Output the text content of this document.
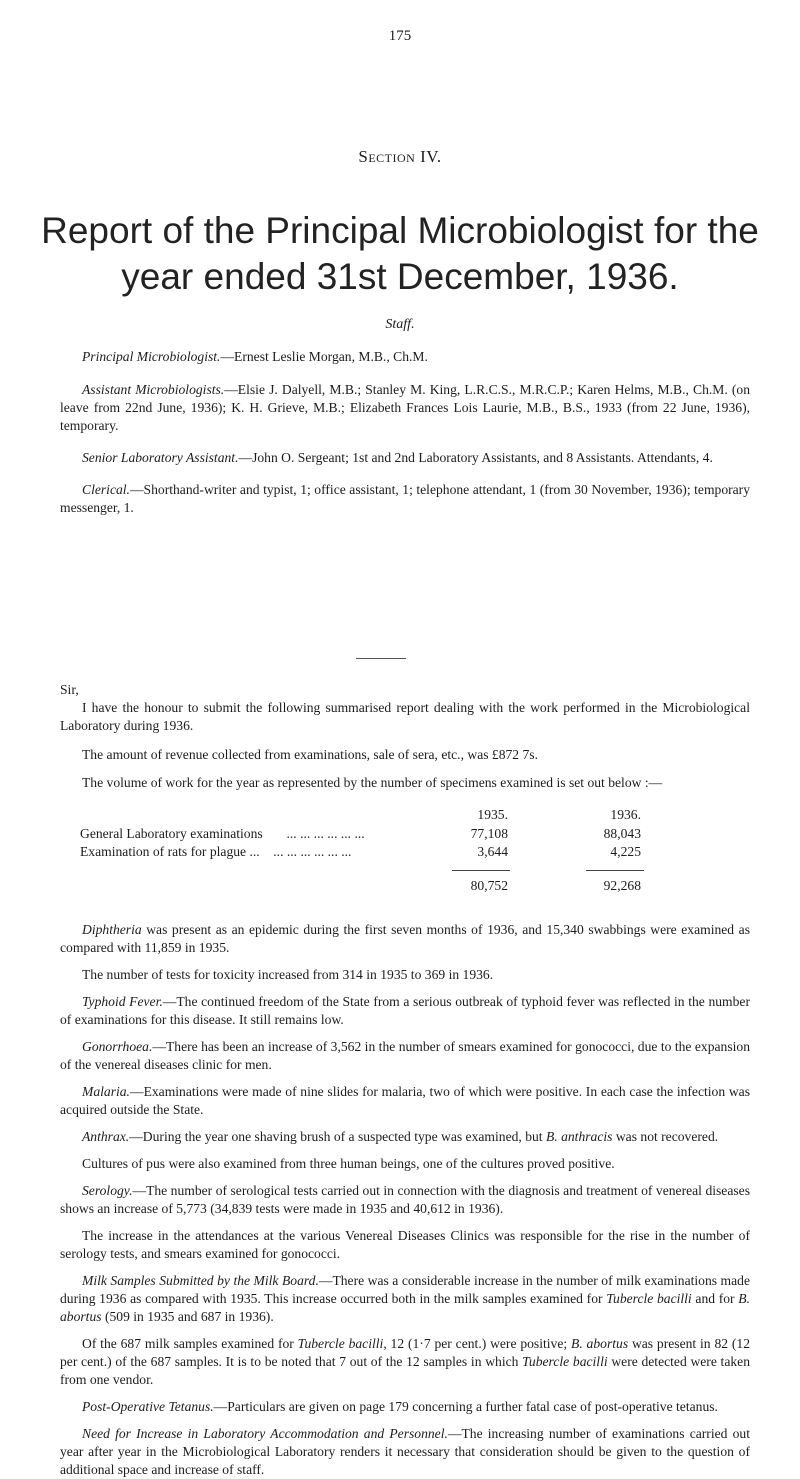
175
Section IV.
Report of the Principal Microbiologist for the year ended 31st December, 1936.
Staff.

Principal Microbiologist.—Ernest Leslie Morgan, M.B., Ch.M.

Assistant Microbiologists.—Elsie J. Dalyell, M.B.; Stanley M. King, L.R.C.S., M.R.C.P.; Karen Helms, M.B., Ch.M. (on leave from 22nd June, 1936); K. H. Grieve, M.B.; Elizabeth Frances Lois Laurie, M.B., B.S., 1933 (from 22 June, 1936), temporary.

Senior Laboratory Assistant.—John O. Sergeant; 1st and 2nd Laboratory Assistants, and 8 Assistants. Attendants, 4.

Clerical.—Shorthand-writer and typist, 1; office assistant, 1; telephone attendant, 1 (from 30 November, 1936); temporary messenger, 1.

Sir,

I have the honour to submit the following summarised report dealing with the work performed in the Microbiological Laboratory during 1936.

The amount of revenue collected from examinations, sale of sera, etc., was £872 7s.

The volume of work for the year as represented by the number of specimens examined is set out below :—

1935.	1936.
General Laboratory examinations ... ... ... ... ... ...	77,108	88,043
Examination of rats for plague ... ... ... ... ... ... ...	3,644	4,225
80,752	92,268

Diphtheria was present as an epidemic during the first seven months of 1936, and 15,340 swabbings were examined as compared with 11,859 in 1935.

The number of tests for toxicity increased from 314 in 1935 to 369 in 1936.

Typhoid Fever.—The continued freedom of the State from a serious outbreak of typhoid fever was reflected in the number of examinations for this disease. It still remains low.

Gonorrhoea.—There has been an increase of 3,562 in the number of smears examined for gonococci, due to the expansion of the venereal diseases clinic for men.

Malaria.—Examinations were made of nine slides for malaria, two of which were positive. In each case the infection was acquired outside the State.

Anthrax.—During the year one shaving brush of a suspected type was examined, but B. anthracis was not recovered.

Cultures of pus were also examined from three human beings, one of the cultures proved positive.

Serology.—The number of serological tests carried out in connection with the diagnosis and treatment of venereal diseases shows an increase of 5,773 (34,839 tests were made in 1935 and 40,612 in 1936).

The increase in the attendances at the various Venereal Diseases Clinics was responsible for the rise in the number of serology tests, and smears examined for gonococci.

Milk Samples Submitted by the Milk Board.—There was a considerable increase in the number of milk examinations made during 1936 as compared with 1935. This increase occurred both in the milk samples examined for Tubercle bacilli and for B. abortus (509 in 1935 and 687 in 1936).

Of the 687 milk samples examined for Tubercle bacilli, 12 (1·7 per cent.) were positive; B. abortus was present in 82 (12 per cent.) of the 687 samples. It is to be noted that 7 out of the 12 samples in which Tubercle bacilli were detected were taken from one vendor.

Post-Operative Tetanus.—Particulars are given on page 179 concerning a further fatal case of post-operative tetanus.

Need for Increase in Laboratory Accommodation and Personnel.—The increasing number of examinations carried out year after year in the Microbiological Laboratory renders it necessary that consideration should be given to the question of additional space and increase of staff.
